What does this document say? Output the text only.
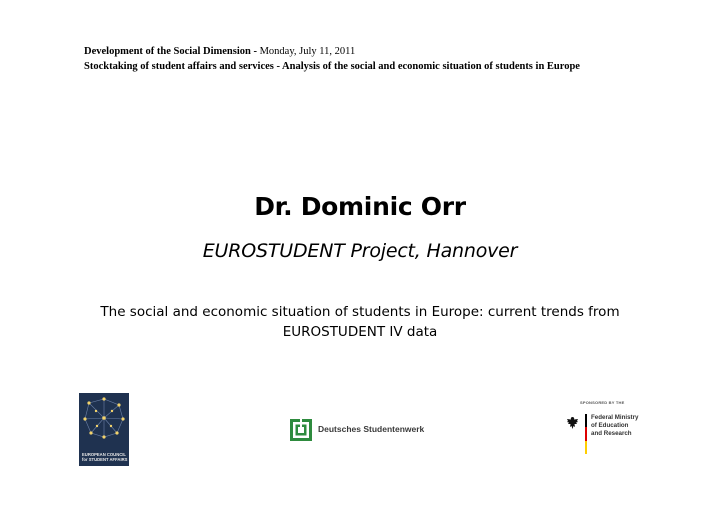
Development of the Social Dimension - Monday, July 11, 2011
Stocktaking of student affairs and services - Analysis of the social and economic situation of students in Europe
Dr. Dominic Orr
EUROSTUDENT Project, Hannover
The social and economic situation of students in Europe: current trends from EUROSTUDENT IV data
EUROPEAN COUNCIL
for STUDENT AFFAIRS
Deutsches Studentenwerk
SPONSORED BY THE
Federal Ministry
of Education
and Research
